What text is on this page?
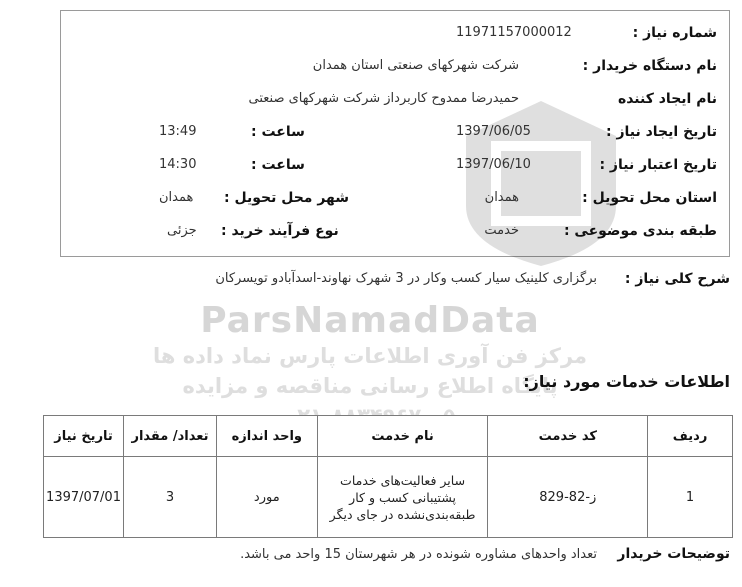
شماره نیاز :
11971157000012
نام دستگاه خریدار :
شرکت شهرکهای صنعتی استان همدان
نام ایجاد کننده
حمیدرضا ممدوح کاربرداز شرکت شهرکهای صنعتی
تاریخ ایجاد نیاز :
1397/06/05
ساعت :
13:49
تاریخ اعتبار نیاز :
1397/06/10
ساعت :
14:30
استان محل تحویل :
همدان
شهر محل تحویل :
همدان
طبقه بندی موضوعی :
خدمت
نوع فرآیند خرید :
جزئی
شرح کلی نیاز :
برگزاری کلینیک سیار کسب وکار در 3 شهرک نهاوند-اسدآبادو تویسرکان
ParsNamadData
مرکز فن آوری اطلاعات پارس نماد داده ها
پایگاه اطلاع رسانی مناقصه و مزایده
اطلاعات خدمات مورد نیاز:
ردیف	کد خدمت	نام خدمت	واحد اندازه	تعداد/ مقدار	تاریخ نیاز
1	ز-82-829	سایر فعالیت‌های خدمات
پشتیبانی کسب و کار
طبقه‌بندی‌نشده در جای دیگر	مورد	3	1397/07/01
توضیحات خریدار
تعداد واحدهای مشاوره شونده در هر شهرستان 15 واحد می باشد.
